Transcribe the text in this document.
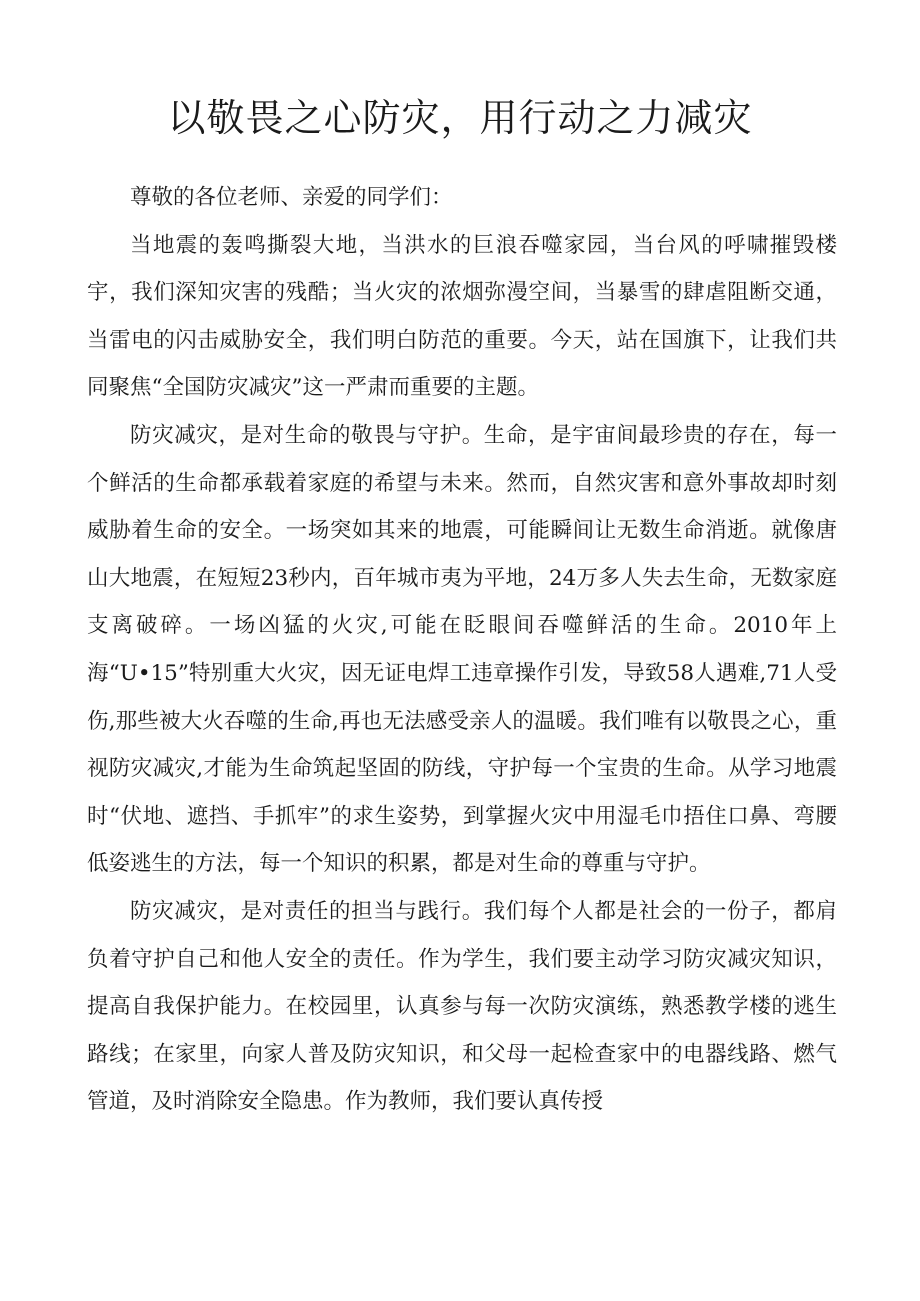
以敬畏之心防灾，用行动之力减灾

尊敬的各位老师、亲爱的同学们：

当地震的轰鸣撕裂大地，当洪水的巨浪吞噬家园，当台风的呼啸摧毁楼宇，我们深知灾害的残酷；当火灾的浓烟弥漫空间，当暴雪的肆虐阻断交通，当雷电的闪击威胁安全，我们明白防范的重要。今天，站在国旗下，让我们共同聚焦“全国防灾减灾”这一严肃而重要的主题。

防灾减灾，是对生命的敬畏与守护。生命，是宇宙间最珍贵的存在，每一个鲜活的生命都承载着家庭的希望与未来。然而，自然灾害和意外事故却时刻威胁着生命的安全。一场突如其来的地震，可能瞬间让无数生命消逝。就像唐山大地震，在短短23秒内，百年城市夷为平地，24万多人失去生命，无数家庭支离破碎。一场凶猛的火灾,可能在眨眼间吞噬鲜活的生命。2010年上海“U•15”特别重大火灾，因无证电焊工违章操作引发，导致58人遇难,71人受伤,那些被大火吞噬的生命,再也无法感受亲人的温暖。我们唯有以敬畏之心，重视防灾减灾,才能为生命筑起坚固的防线，守护每一个宝贵的生命。从学习地震时“伏地、遮挡、手抓牢”的求生姿势，到掌握火灾中用湿毛巾捂住口鼻、弯腰低姿逃生的方法，每一个知识的积累，都是对生命的尊重与守护。

防灾减灾，是对责任的担当与践行。我们每个人都是社会的一份子，都肩负着守护自己和他人安全的责任。作为学生，我们要主动学习防灾减灾知识，提高自我保护能力。在校园里，认真参与每一次防灾演练，熟悉教学楼的逃生路线；在家里，向家人普及防灾知识，和父母一起检查家中的电器线路、燃气管道，及时消除安全隐患。作为教师，我们要认真传授
